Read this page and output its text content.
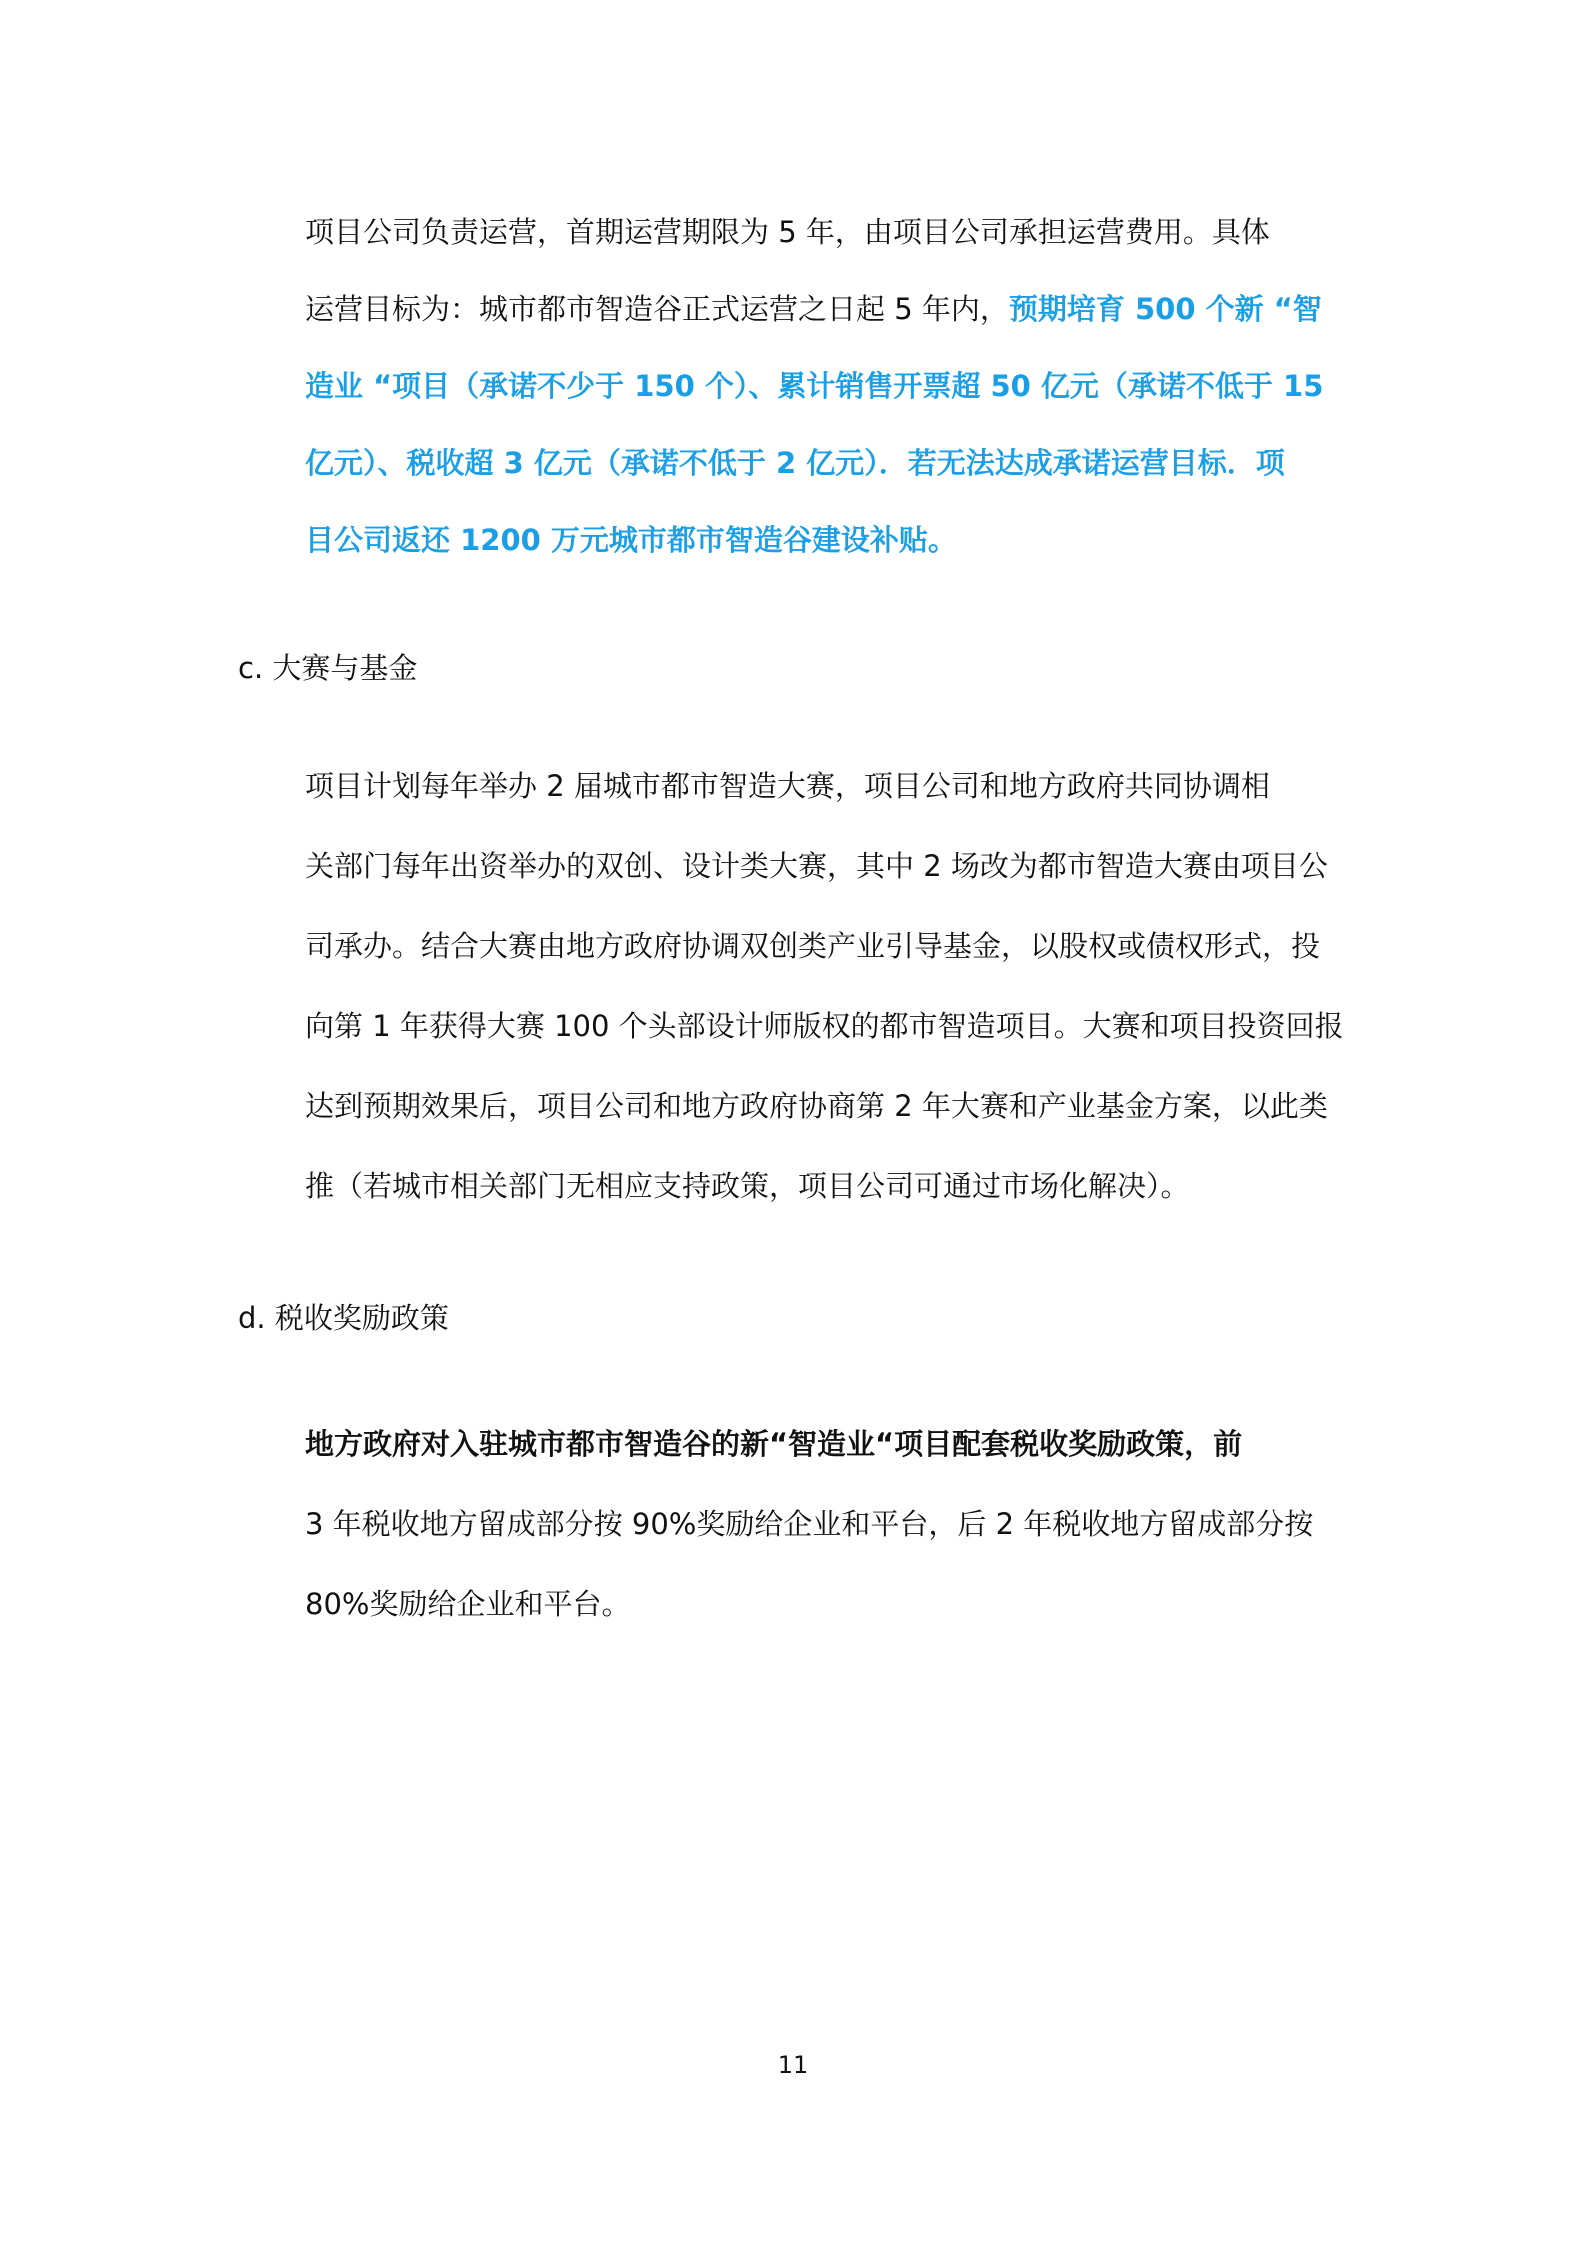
项目公司负责运营，首期运营期限为 5 年，由项目公司承担运营费用。具体
运营目标为：城市都市智造谷正式运营之日起 5 年内，预期培育 500 个新 “智
造业 “项目（承诺不少于 150 个）、累计销售开票超 50 亿元（承诺不低于 15
亿元）、税收超 3 亿元（承诺不低于 2 亿元）．若无法达成承诺运营目标．项
目公司返还 1200 万元城市都市智造谷建设补贴。
c. 大赛与基金
项目计划每年举办 2 届城市都市智造大赛，项目公司和地方政府共同协调相
关部门每年出资举办的双创、设计类大赛，其中 2 场改为都市智造大赛由项目公
司承办。结合大赛由地方政府协调双创类产业引导基金，以股权或债权形式，投
向第 1 年获得大赛 100 个头部设计师版权的都市智造项目。大赛和项目投资回报
达到预期效果后，项目公司和地方政府协商第 2 年大赛和产业基金方案，以此类
推（若城市相关部门无相应支持政策，项目公司可通过市场化解决）。
d. 税收奖励政策
地方政府对入驻城市都市智造谷的新“智造业“项目配套税收奖励政策，前
3 年税收地方留成部分按 90%奖励给企业和平台，后 2 年税收地方留成部分按
80%奖励给企业和平台。
11
